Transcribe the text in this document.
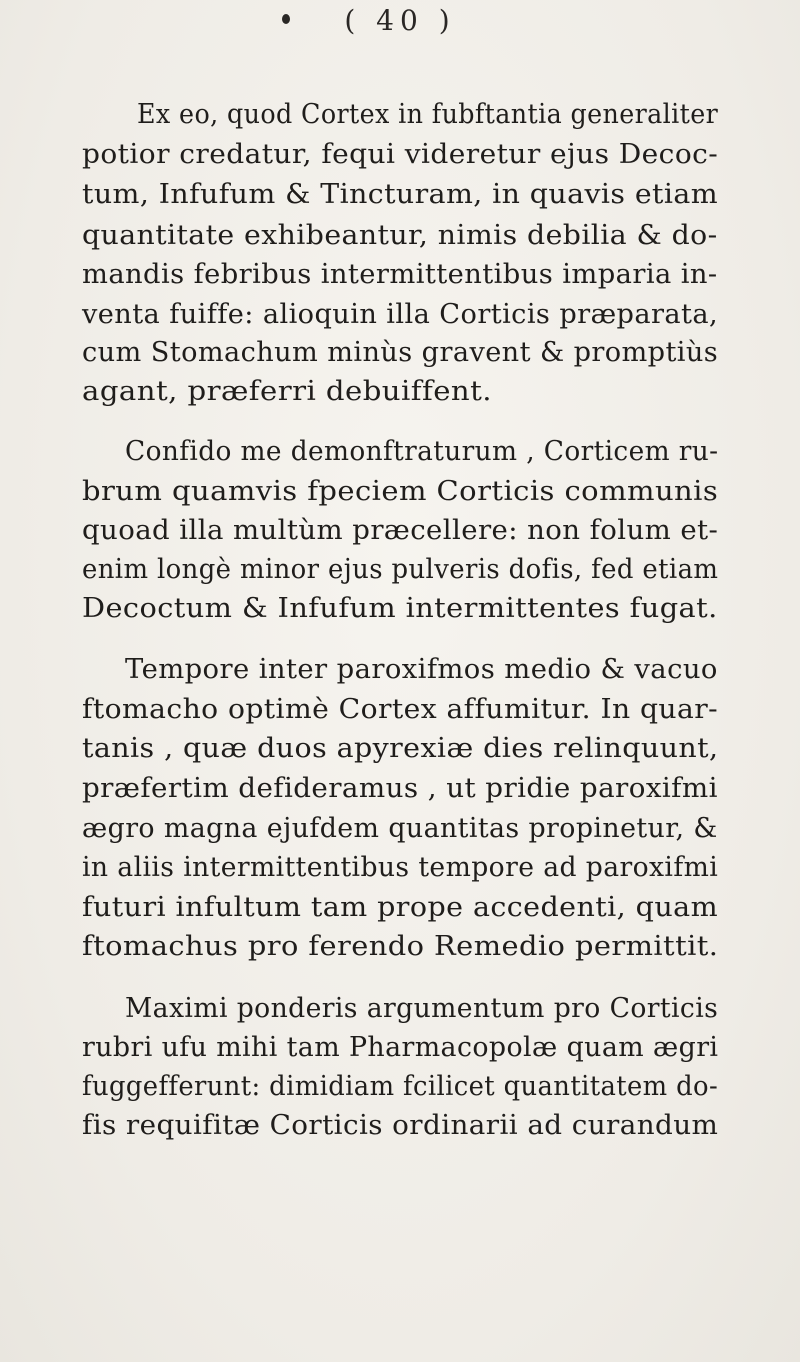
( 40 )
Ex eo, quod Cortex in fubftantia generaliter
potior credatur, fequi videretur ejus Decoc-
tum, Infufum & Tincturam, in quavis etiam
quantitate exhibeantur, nimis debilia & do-
mandis febribus intermittentibus imparia in-
venta fuiffe: alioquin illa Corticis præparata,
cum Stomachum minùs gravent & promptiùs
agant, præferri debuiffent.
Confido me demonftraturum , Corticem ru-
brum quamvis fpeciem Corticis communis
quoad illa multùm præcellere: non folum et-
enim longè minor ejus pulveris dofis, fed etiam
Decoctum & Infufum intermittentes fugat.
Tempore inter paroxifmos medio & vacuo
ftomacho optimè Cortex affumitur. In quar-
tanis , quæ duos apyrexiæ dies relinquunt,
præfertim defideramus , ut pridie paroxifmi
ægro magna ejufdem quantitas propinetur, &
in aliis intermittentibus tempore ad paroxifmi
futuri infultum tam prope accedenti, quam
ftomachus pro ferendo Remedio permittit.
Maximi ponderis argumentum pro Corticis
rubri ufu mihi tam Pharmacopolæ quam ægri
fuggefferunt: dimidiam fcilicet quantitatem do-
fis requifitæ Corticis ordinarii ad curandum
